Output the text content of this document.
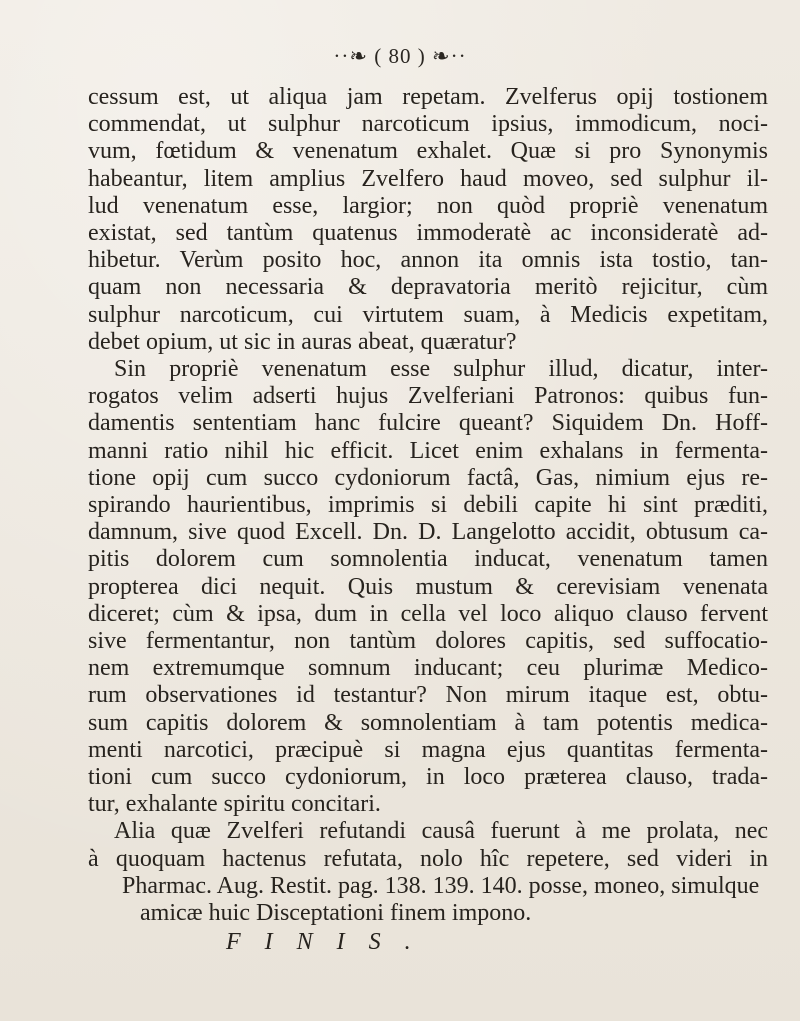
··❧ ( 80 ) ❧··
cessum est, ut aliqua jam repetam. Zvelferus opij tostionem
commendat, ut sulphur narcoticum ipsius, immodicum, noci-
vum, fœtidum & venenatum exhalet. Quæ si pro Synonymis
habeantur, litem amplius Zvelfero haud moveo, sed sulphur il-
lud venenatum esse, largior; non quòd propriè venenatum
existat, sed tantùm quatenus immoderatè ac inconsideratè ad-
hibetur. Verùm posito hoc, annon ita omnis ista tostio, tan-
quam non necessaria & depravatoria meritò rejicitur, cùm
sulphur narcoticum, cui virtutem suam, à Medicis expetitam,
debet opium, ut sic in auras abeat, quæratur?
Sin propriè venenatum esse sulphur illud, dicatur, inter-
rogatos velim adserti hujus Zvelferiani Patronos: quibus fun-
damentis sententiam hanc fulcire queant? Siquidem Dn. Hoff-
manni ratio nihil hic efficit. Licet enim exhalans in fermenta-
tione opij cum succo cydoniorum factâ, Gas, nimium ejus re-
spirando haurientibus, imprimis si debili capite hi sint præditi,
damnum, sive quod Excell. Dn. D. Langelotto accidit, obtusum ca-
pitis dolorem cum somnolentia inducat, venenatum tamen
propterea dici nequit. Quis mustum & cerevisiam venenata
diceret; cùm & ipsa, dum in cella vel loco aliquo clauso fervent
sive fermentantur, non tantùm dolores capitis, sed suffocatio-
nem extremumque somnum inducant; ceu plurimæ Medico-
rum observationes id testantur? Non mirum itaque est, obtu-
sum capitis dolorem & somnolentiam à tam potentis medica-
menti narcotici, præcipuè si magna ejus quantitas fermenta-
tioni cum succo cydoniorum, in loco præterea clauso, trada-
tur, exhalante spiritu concitari.
Alia quæ Zvelferi refutandi causâ fuerunt à me prolata, nec
à quoquam hactenus refutata, nolo hîc repetere, sed videri in
Pharmac. Aug. Restit. pag. 138. 139. 140. posse, moneo, simulque
amicæ huic Disceptationi finem impono.
FINIS.
